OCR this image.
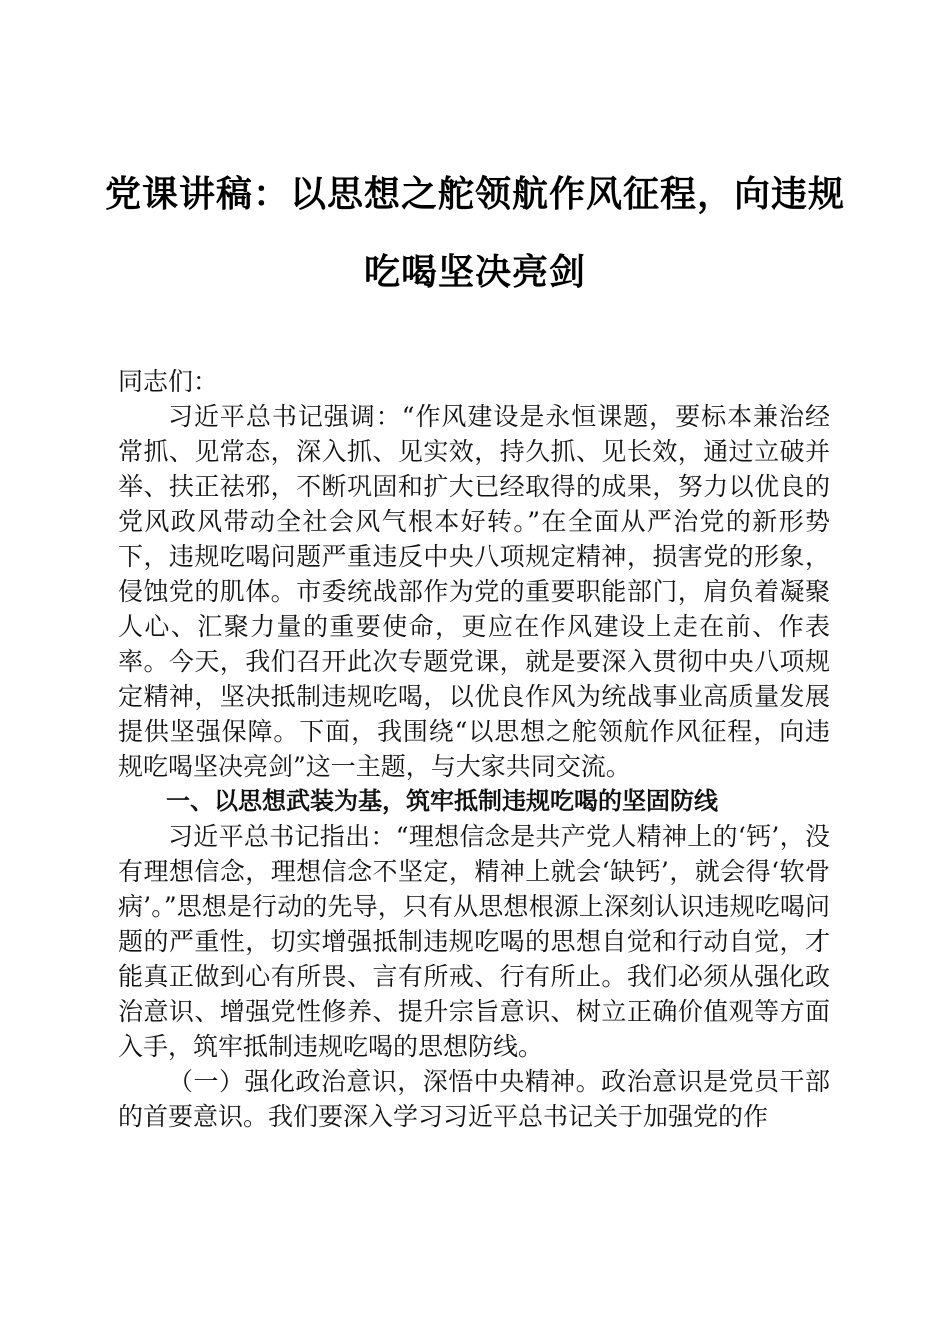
党课讲稿：以思想之舵领航作风征程，向违规
吃喝坚决亮剑

同志们：

习近平总书记强调：“作风建设是永恒课题，要标本兼治经常抓、见常态，深入抓、见实效，持久抓、见长效，通过立破并举、扶正祛邪，不断巩固和扩大已经取得的成果，努力以优良的党风政风带动全社会风气根本好转。”在全面从严治党的新形势下，违规吃喝问题严重违反中央八项规定精神，损害党的形象，侵蚀党的肌体。市委统战部作为党的重要职能部门，肩负着凝聚人心、汇聚力量的重要使命，更应在作风建设上走在前、作表率。今天，我们召开此次专题党课，就是要深入贯彻中央八项规定精神，坚决抵制违规吃喝，以优良作风为统战事业高质量发展提供坚强保障。下面，我围绕“以思想之舵领航作风征程，向违规吃喝坚决亮剑”这一主题，与大家共同交流。

一、以思想武装为基，筑牢抵制违规吃喝的坚固防线

习近平总书记指出：“理想信念是共产党人精神上的‘钙’，没有理想信念，理想信念不坚定，精神上就会‘缺钙’，就会得‘软骨病’。”思想是行动的先导，只有从思想根源上深刻认识违规吃喝问题的严重性，切实增强抵制违规吃喝的思想自觉和行动自觉，才能真正做到心有所畏、言有所戒、行有所止。我们必须从强化政治意识、增强党性修养、提升宗旨意识、树立正确价值观等方面入手，筑牢抵制违规吃喝的思想防线。

（一）强化政治意识，深悟中央精神。政治意识是党员干部的首要意识。我们要深入学习习近平总书记关于加强党的作
